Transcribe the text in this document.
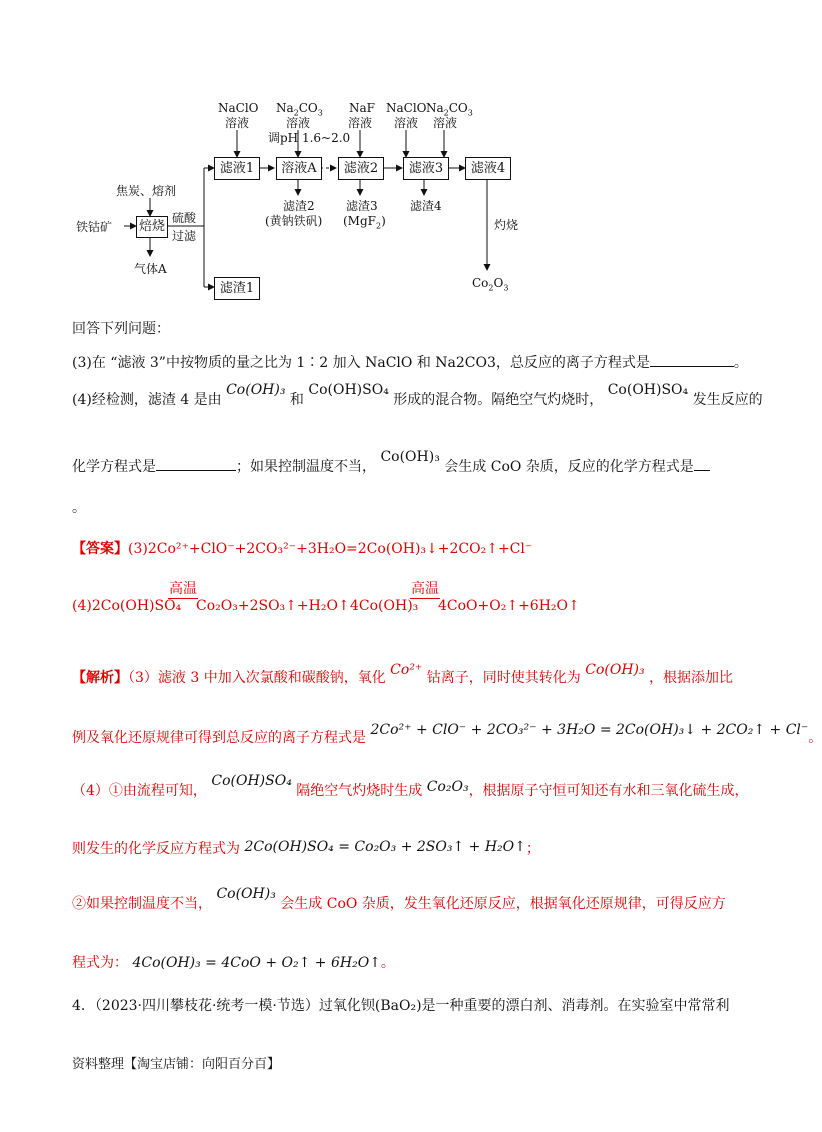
铁钴矿
焦炭、熔剂
焙烧
气体A
硫酸
过滤
滤液1
滤渣1
溶液A	滤液2	滤液3	滤液4
NaClO
溶液
$Na_2CO_3$
溶液
调pH 1.6~2.0
NaF
溶液
NaClO
溶液
$Na_2CO_3$
溶液
滤渣2
(黄钠铁矾)
滤渣3
(MgF$_2$)
滤渣4
灼烧
$Co_2O_3$
回答下列问题：
(3)在 “滤液 3”中按物质的量之比为 1∶2 加入 NaClO 和 Na2CO3，总反应的离子方程式是	。
(4)经检测，滤渣 4 是由 Co(OH)₃ 和 Co(OH)SO₄ 形成的混合物。隔绝空气灼烧时， Co(OH)SO₄ 发生反应的
化学方程式是	；如果控制温度不当， Co(OH)₃ 会生成 CoO 杂质，反应的化学方程式是
。
【答案】(3)2Co²⁺+ClO⁻+2CO₃²⁻+3H₂O=2Co(OH)₃↓+2CO₂↑+Cl⁻
(4)2Co(OH)SO₄
高温
Co₂O₃+2SO₃↑+H₂O↑ 4Co(OH)₃
高温
4CoO+O₂↑+6H₂O↑
【解析】（3）滤液 3 中加入次氯酸和碳酸钠，氧化 Co²⁺ 钴离子，同时使其转化为 Co(OH)₃ ，根据添加比
例及氧化还原规律可得到总反应的离子方程式是 2Co²⁺ + ClO⁻ + 2CO₃²⁻ + 3H₂O = 2Co(OH)₃↓ + 2CO₂↑ + Cl⁻。
（4）①由流程可知， Co(OH)SO₄ 隔绝空气灼烧时生成 Co₂O₃，根据原子守恒可知还有水和三氧化硫生成，
则发生的化学反应方程式为 2Co(OH)SO₄ = Co₂O₃ + 2SO₃↑ + H₂O↑；
②如果控制温度不当， Co(OH)₃ 会生成 CoO 杂质，发生氧化还原反应，根据氧化还原规律，可得反应方
程式为： 4Co(OH)₃ = 4CoO + O₂↑ + 6H₂O↑。
4．（2023·四川攀枝花·统考一模·节选）过氧化钡(BaO₂)是一种重要的漂白剂、消毒剂。在实验室中常常利
资料整理【淘宝店铺：向阳百分百】
